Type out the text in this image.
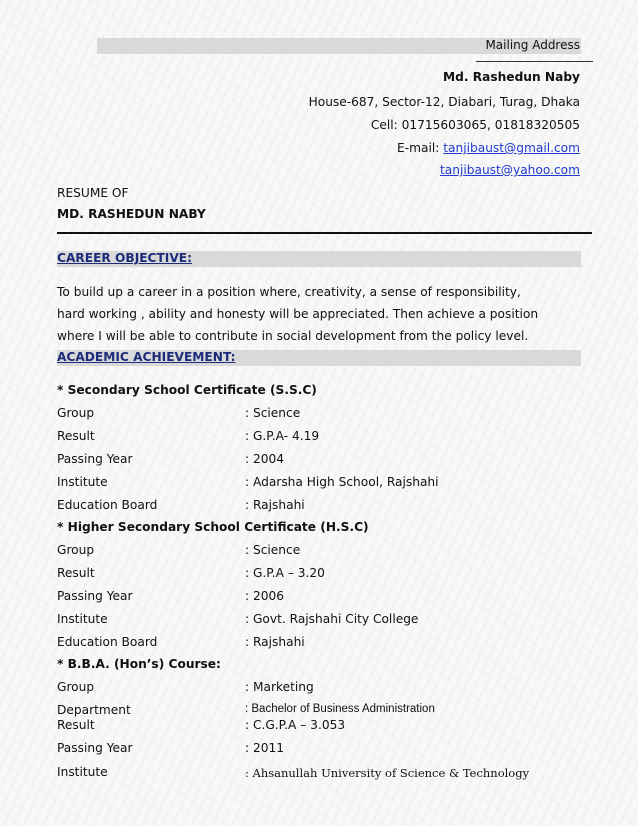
Mailing Address
Md. Rashedun Naby
House-687, Sector-12, Diabari, Turag, Dhaka
Cell: 01715603065, 01818320505
E-mail: tanjibaust@gmail.com
tanjibaust@yahoo.com
RESUME OF
MD. RASHEDUN NABY
CAREER OBJECTIVE:
To build up a career in a position where, creativity, a sense of responsibility,
hard working , ability and honesty will be appreciated. Then achieve a position
where I will be able to contribute in social development from the policy level.
ACADEMIC ACHIEVEMENT:
* Secondary School Certificate (S.S.C)
Group	: Science
Result	: G.P.A- 4.19
Passing Year	: 2004
Institute	: Adarsha High School, Rajshahi
Education Board	: Rajshahi
* Higher Secondary School Certificate (H.S.C)
Group	: Science
Result	: G.P.A – 3.20
Passing Year	: 2006
Institute	: Govt. Rajshahi City College
Education Board	: Rajshahi
* B.B.A. (Hon’s) Course:
Group	: Marketing
Department	: Bachelor of Business Administration
Result	: C.G.P.A – 3.053
Passing Year	: 2011
Institute	: Ahsanullah University of Science & Technology
